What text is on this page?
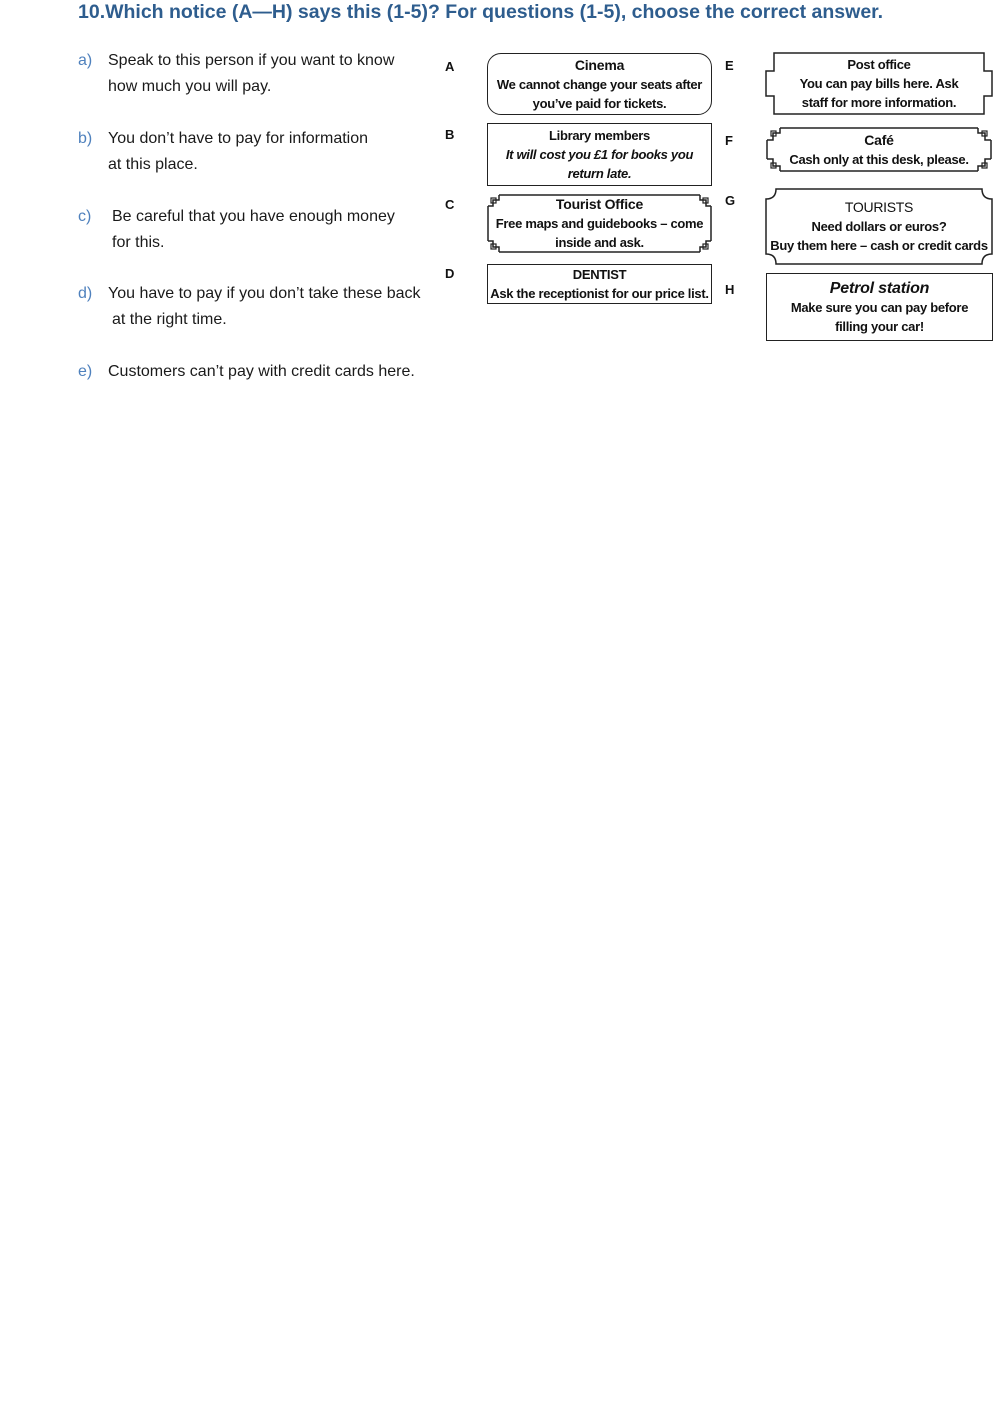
10.Which notice (A—H) says this (1-5)? For questions (1-5), choose the correct answer.
a) Speak to this person if you want to know
how much you will pay.
b) You don’t have to pay for information
at this place.
c)	Be careful that you have enough money
for this.
d) You have to pay if you don’t take these back
at the right time.
e) Customers can’t pay with credit cards here.
A
B
C
D
E
F
G
H
Cinema
We cannot change your seats after
you’ve paid for tickets.
Library members
It will cost you £1 for books you
return late.
Tourist Office
Free maps and guidebooks – come
inside and ask.
DENTIST
Ask the receptionist for our price list.
Post office
You can pay bills here. Ask
staff for more information.
Café
Cash only at this desk, please.
TOURISTS
Need dollars or euros?
Buy them here – cash or credit cards
Petrol station
Make sure you can pay before
filling your car!
